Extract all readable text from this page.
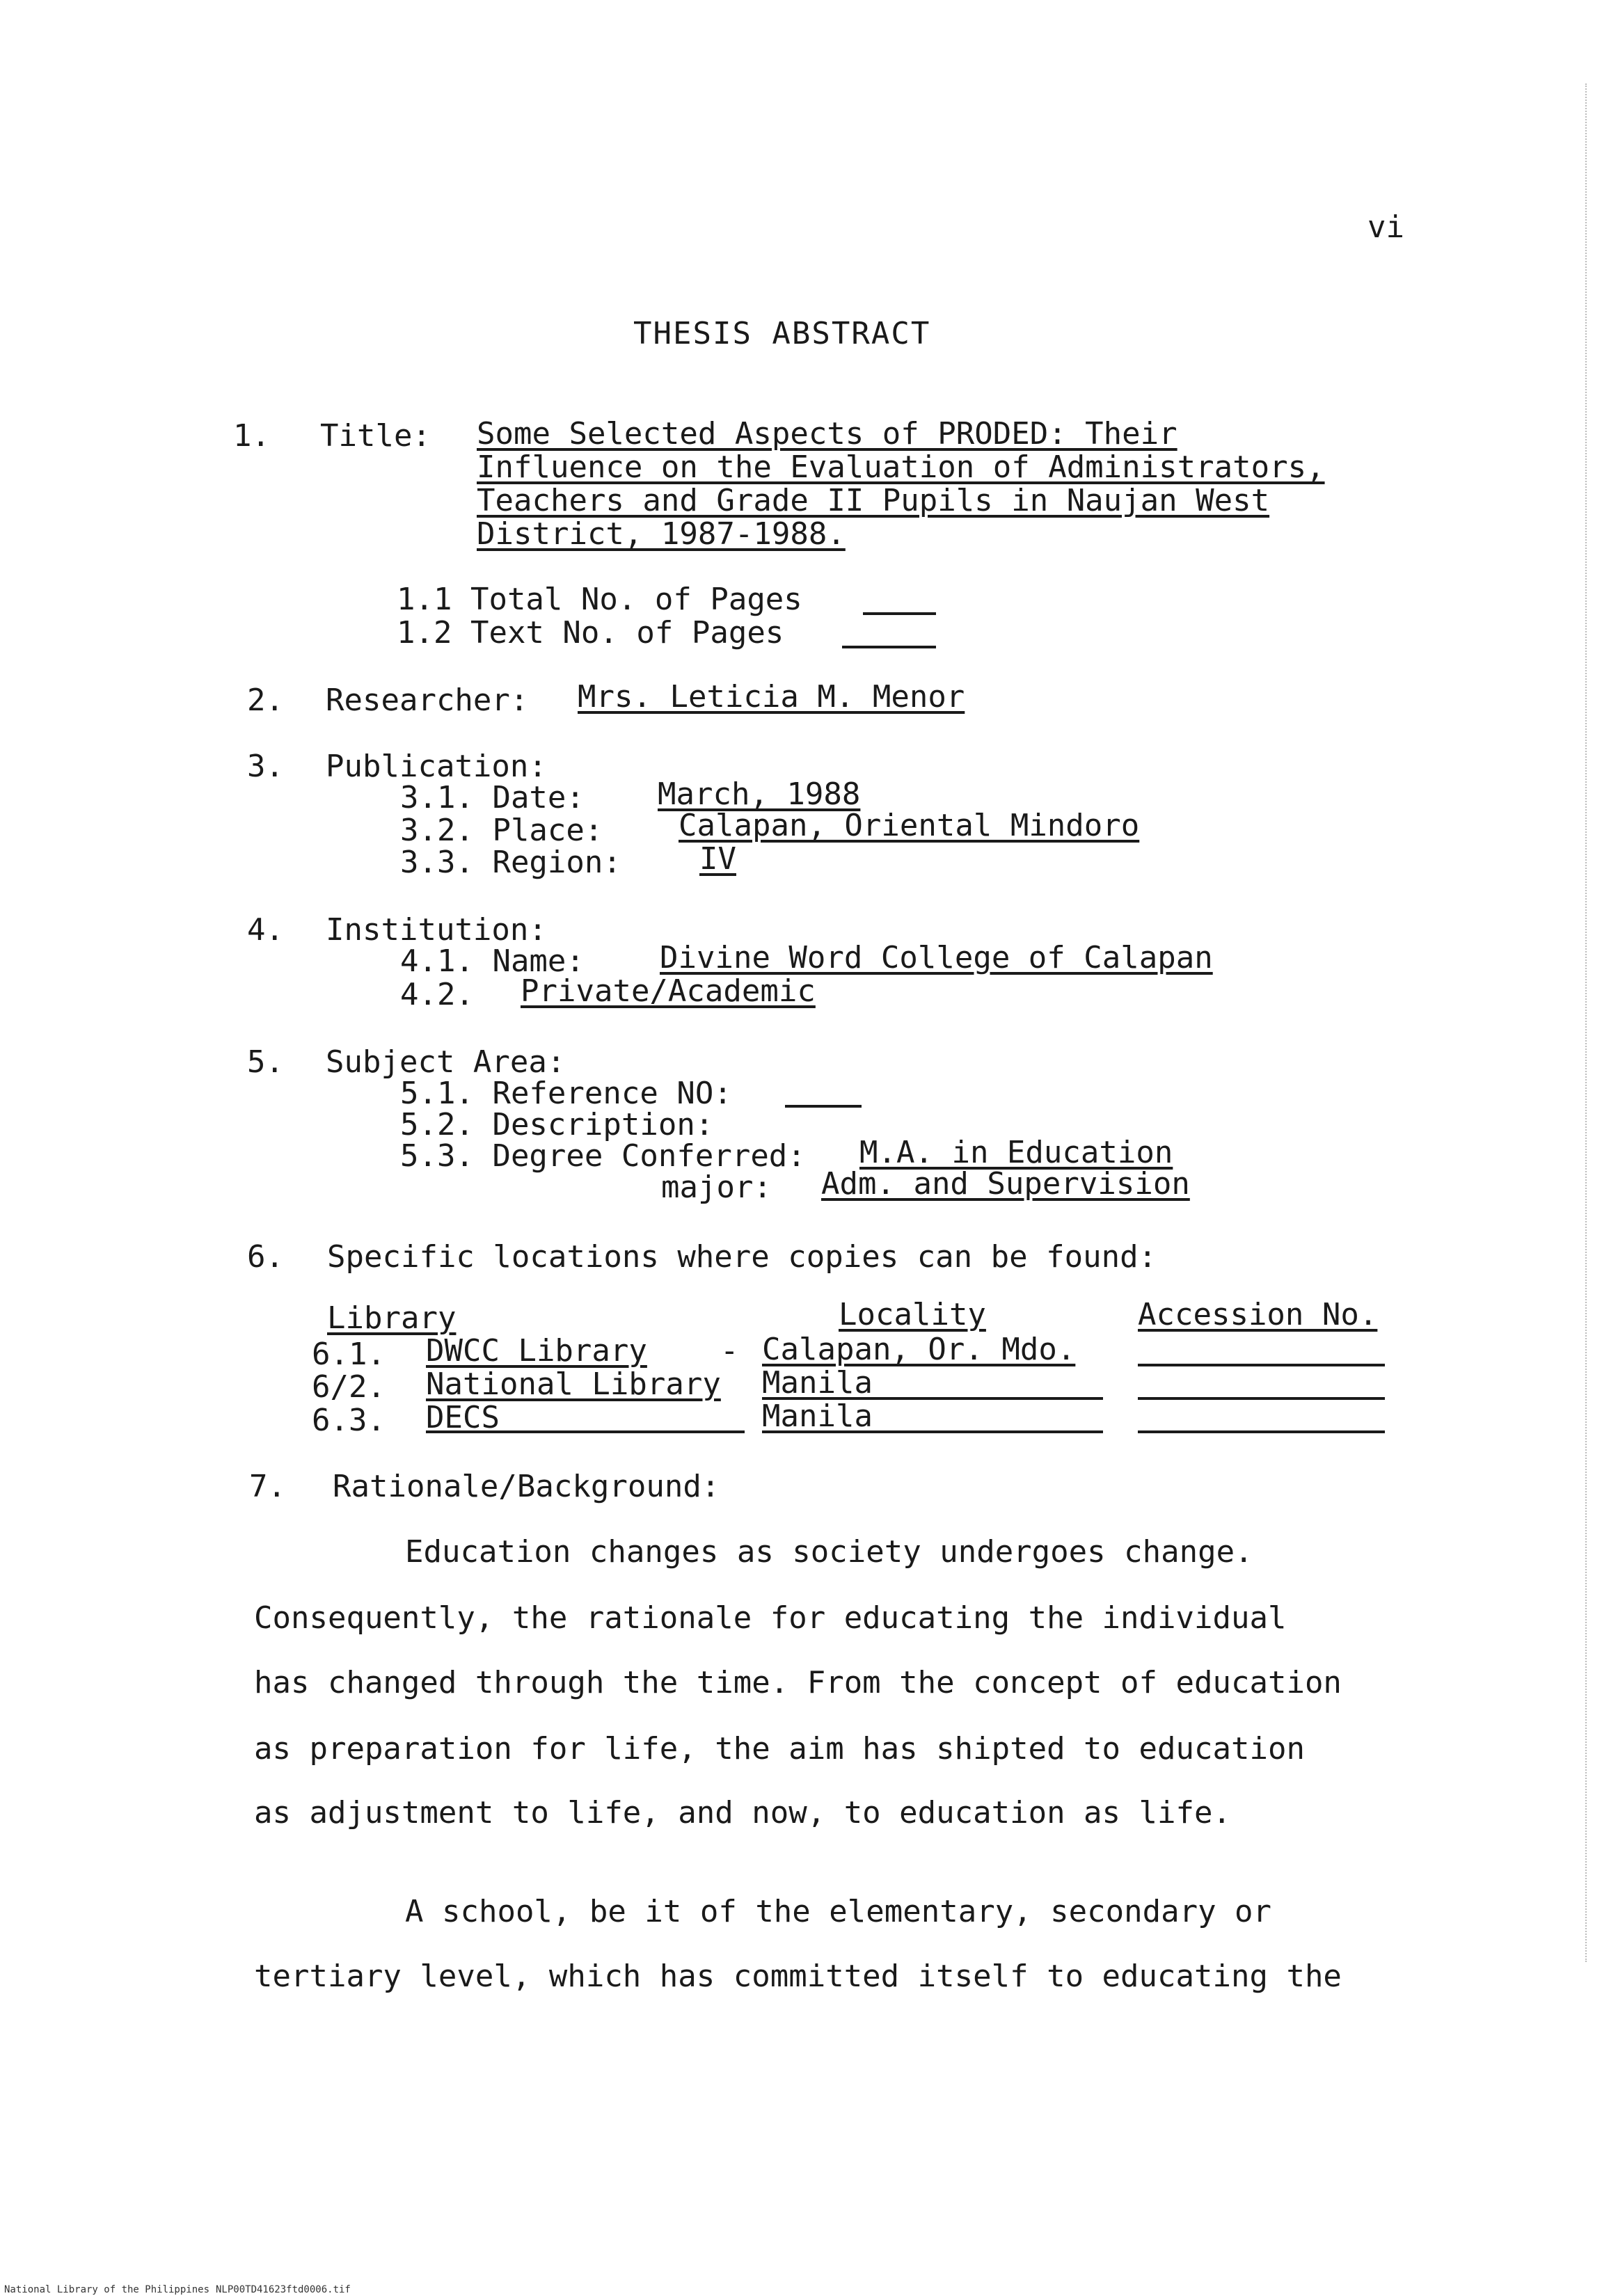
vi
THESIS ABSTRACT
1. Title: Some Selected Aspects of PRODED: Their
Influence on the Evaluation of Administrators,
Teachers and Grade II Pupils in Naujan West
District, 1987-1988.
1.1 Total No. of Pages
1.2 Text No. of Pages
2. Researcher: Mrs. Leticia M. Menor
3. Publication:
3.1. Date: March, 1988
3.2. Place: Calapan, Oriental Mindoro
3.3. Region:	IV
4. Institution:
4.1. Name: Divine Word College of Calapan
4.2. Private/Academic
5. Subject Area:
5.1. Reference NO:
5.2. Description:
5.3. Degree Conferred: M.A. in Education
major: Adm. and Supervision
6. Specific locations where copies can be found:
Library	Locality	Accession No.
6.1. DWCC Library - Calapan, Or. Mdo.
6/2. National Library Manila
6.3. DECS	Manila
7. Rationale/Background:
Education changes as society undergoes change.
Consequently, the rationale for educating the individual
has changed through the time. From the concept of education
as preparation for life, the aim has shipted to education
as adjustment to life, and now, to education as life.
A school, be it of the elementary, secondary or
tertiary level, which has committed itself to educating the
National Library of the Philippines NLP00TD41623ftd0006.tif
